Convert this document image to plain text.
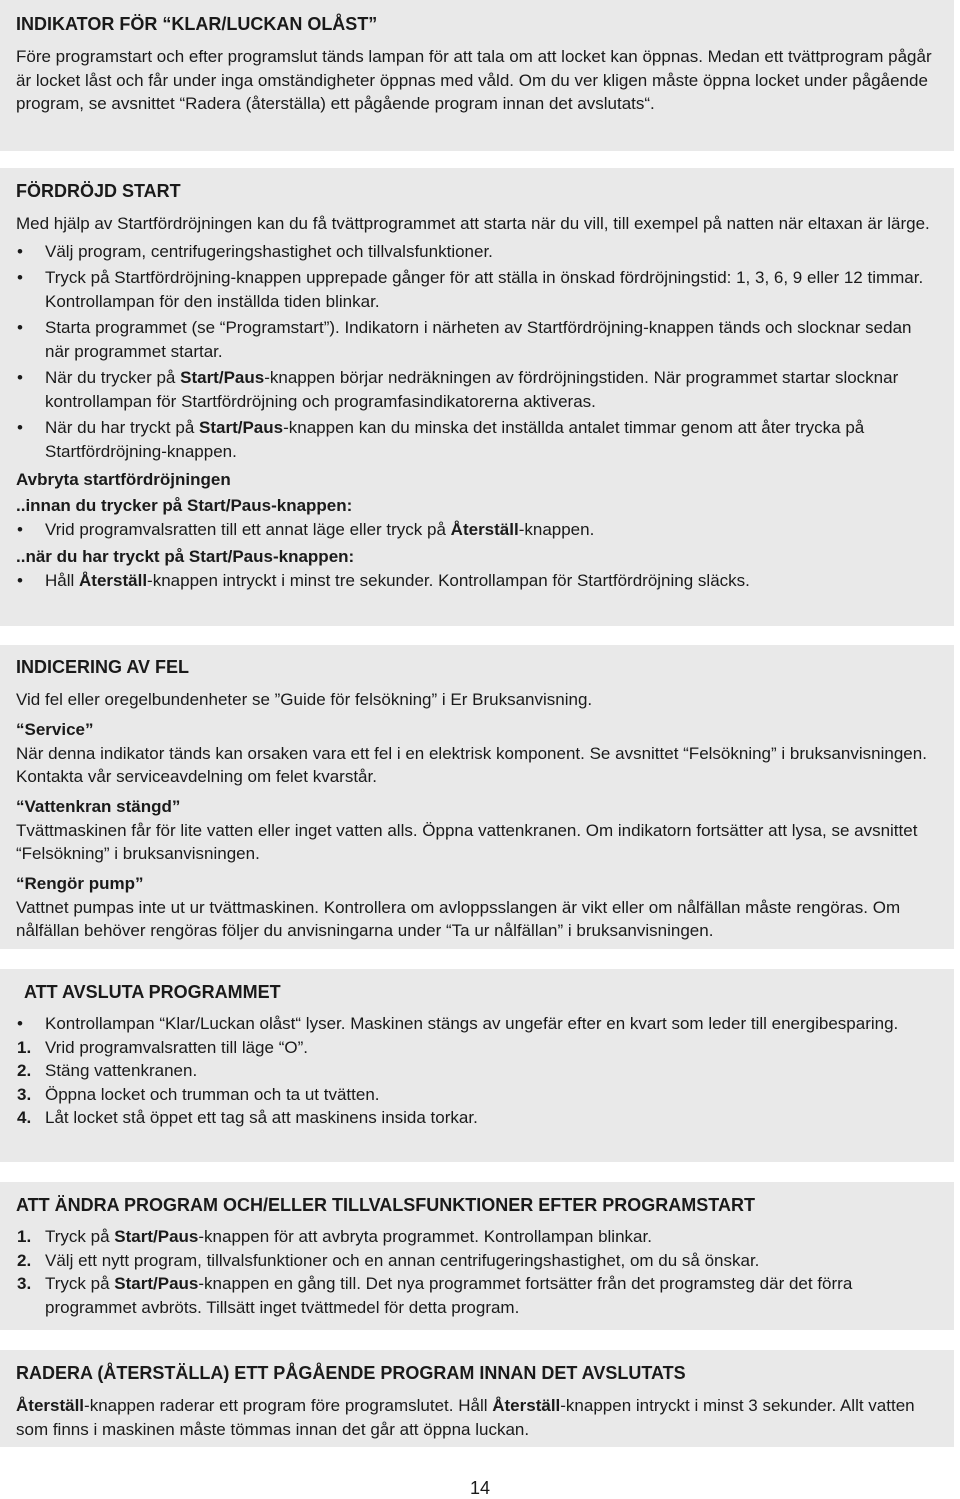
INDIKATOR FÖR “KLAR/LUCKAN OLÅST”

Före programstart och efter programslut tänds lampan för att tala om att locket kan öppnas. Medan ett tvättprogram pågår är locket låst och får under inga omständigheter öppnas med våld. Om du ver kligen måste öppna locket under pågående program, se avsnittet “Radera (återställa) ett pågående program innan det avslutats“.

FÖRDRÖJD START

Med hjälp av Startfördröjningen kan du få tvättprogrammet att starta när du vill, till exempel på natten när eltaxan är lärge.

• Välj program, centrifugeringshastighet och tillvalsfunktioner.
• Tryck på Startfördröjning-knappen upprepade gånger för att ställa in önskad fördröjningstid: 1, 3, 6, 9 eller 12 timmar. Kontrollampan för den inställda tiden blinkar.
• Starta programmet (se “Programstart”). Indikatorn i närheten av Startfördröjning-knappen tänds och slocknar sedan när programmet startar.
• När du trycker på Start/Paus-knappen börjar nedräkningen av fördröjningstiden. När programmet startar slocknar kontrollampan för Startfördröjning och programfasindikatorerna aktiveras.
• När du har tryckt på Start/Paus-knappen kan du minska det inställda antalet timmar genom att åter trycka på Startfördröjning-knappen.
Avbryta startfördröjningen
..innan du trycker på Start/Paus-knappen:
• Vrid programvalsratten till ett annat läge eller tryck på Återställ-knappen.
..när du har tryckt på Start/Paus-knappen:
• Håll Återställ-knappen intryckt i minst tre sekunder. Kontrollampan för Startfördröjning släcks.
INDICERING AV FEL

Vid fel eller oregelbundenheter se ”Guide för felsökning” i Er Bruksanvisning.

“Service”

När denna indikator tänds kan orsaken vara ett fel i en elektrisk komponent. Se avsnittet “Felsökning” i bruksanvisningen. Kontakta vår serviceavdelning om felet kvarstår.

“Vattenkran stängd”

Tvättmaskinen får för lite vatten eller inget vatten alls. Öppna vattenkranen. Om indikatorn fortsätter att lysa, se avsnittet “Felsökning” i bruksanvisningen.

“Rengör pump”

Vattnet pumpas inte ut ur tvättmaskinen. Kontrollera om avloppsslangen är vikt eller om nålfällan måste rengöras. Om nålfällan behöver rengöras följer du anvisningarna under “Ta ur nålfällan” i bruksanvisningen.

ATT AVSLUTA PROGRAMMET
• Kontrollampan “Klar/Luckan olåst“ lyser. Maskinen stängs av ungefär efter en kvart som leder till energibesparing.
1. Vrid programvalsratten till läge “O”.
2. Stäng vattenkranen.
3. Öppna locket och trumman och ta ut tvätten.
4. Låt locket stå öppet ett tag så att maskinens insida torkar.
ATT ÄNDRA PROGRAM OCH/ELLER TILLVALSFUNKTIONER EFTER PROGRAMSTART
1. Tryck på Start/Paus-knappen för att avbryta programmet. Kontrollampan blinkar.
2. Välj ett nytt program, tillvalsfunktioner och en annan centrifugeringshastighet, om du så önskar.
3. Tryck på Start/Paus-knappen en gång till. Det nya programmet fortsätter från det programsteg där det förra programmet avbröts. Tillsätt inget tvättmedel för detta program.
RADERA (ÅTERSTÄLLA) ETT PÅGÅENDE PROGRAM INNAN DET AVSLUTATS

Återställ-knappen raderar ett program före programslutet. Håll Återställ-knappen intryckt i minst 3 sekunder. Allt vatten som finns i maskinen måste tömmas innan det går att öppna luckan.

14
